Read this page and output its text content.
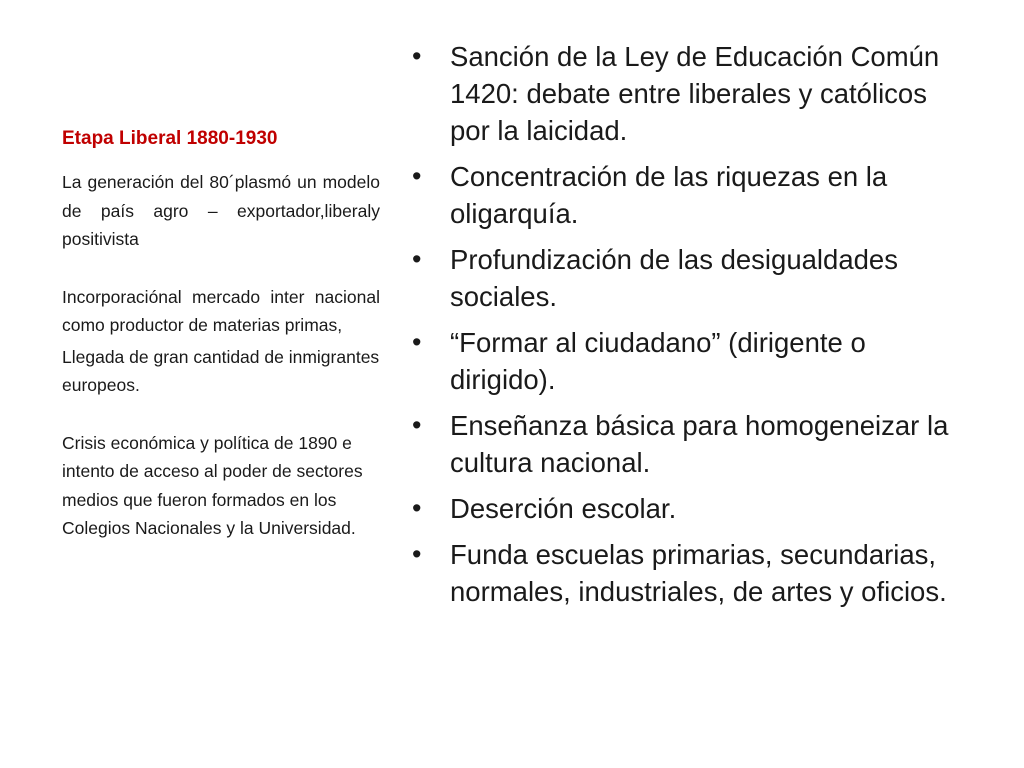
Etapa Liberal 1880-1930

La generación del 80´plasmó un modelo de país agro – exportador,liberaly positivista

Incorporaciónal mercado inter nacional como productor de materias primas,

Llegada de gran cantidad de inmigrantes europeos.

Crisis económica y política de 1890 e intento de acceso al poder de sectores medios que fueron formados en los Colegios Nacionales y la Universidad.

• Sanción de la Ley de Educación Común 1420: debate entre liberales y católicos por la laicidad.
• Concentración de las riquezas en la oligarquía.
• Profundización de las desigualdades sociales.
• “Formar al ciudadano” (dirigente o dirigido).
• Enseñanza básica para homogeneizar la cultura nacional.
• Deserción escolar.
• Funda escuelas primarias, secundarias, normales, industriales, de artes y oficios.
